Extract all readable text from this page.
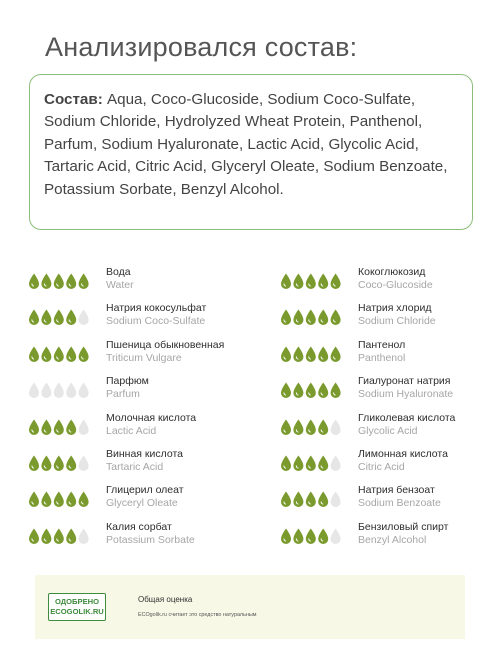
Анализировался состав:
Состав: Aqua, Coco-Glucoside, Sodium Coco-Sulfate, Sodium Chloride, Hydrolyzed Wheat Protein, Panthenol, Parfum, Sodium Hyaluronate, Lactic Acid, Glycolic Acid, Tartaric Acid, Citric Acid, Glyceryl Oleate, Sodium Benzoate, Potassium Sorbate, Benzyl Alcohol.
Вода
Water
Кокоглюкозид
Coco-Glucoside
Натрия кокосульфат
Sodium Coco-Sulfate
Натрия хлорид
Sodium Chloride
Пшеница обыкновенная
Triticum Vulgare
Пантенол
Panthenol
Парфюм
Parfum
Гиалуронат натрия
Sodium Hyaluronate
Молочная кислота
Lactic Acid
Гликолевая кислота
Glycolic Acid
Винная кислота
Tartaric Acid
Лимонная кислота
Citric Acid
Глицерил олеат
Glyceryl Oleate
Натрия бензоат
Sodium Benzoate
Калия сорбат
Potassium Sorbate
Бензиловый спирт
Benzyl Alcohol
ОДОБРЕНО
ECOGOLIK.RU
Общая оценка
ECOgolik.ru считает это средство натуральным
